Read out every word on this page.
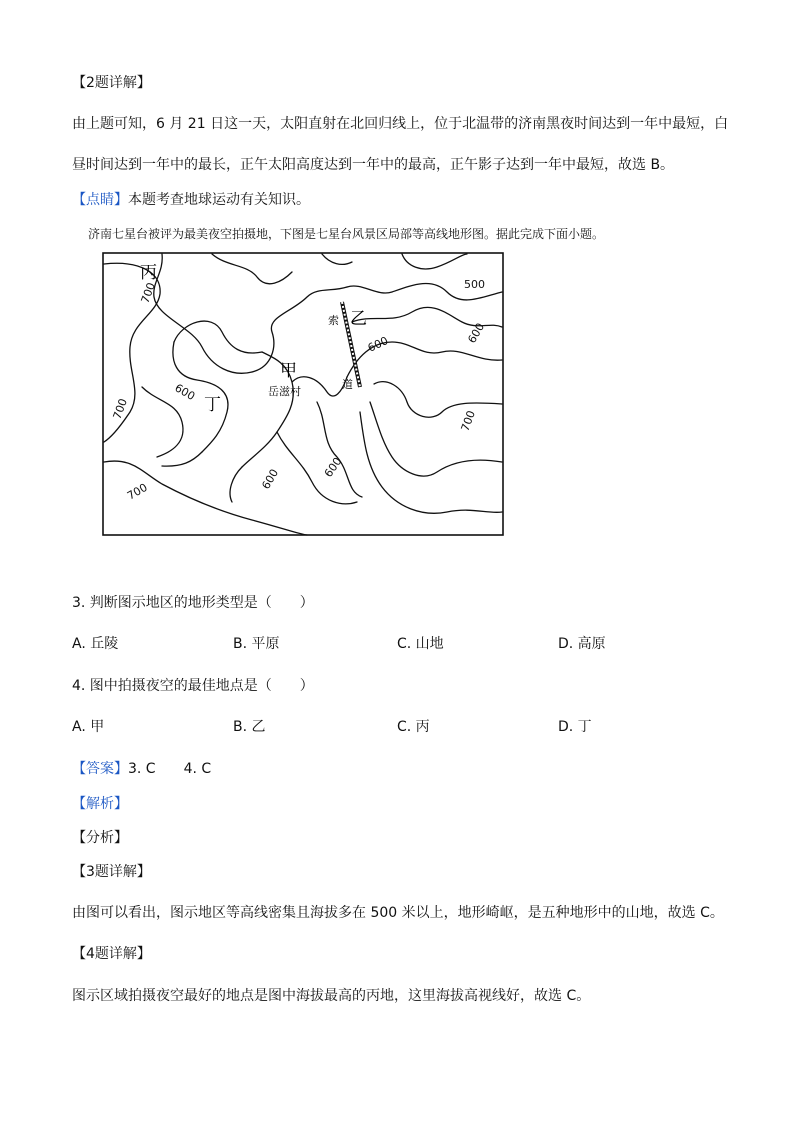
【2题详解】
由上题可知，6 月 21 日这一天，太阳直射在北回归线上，位于北温带的济南黑夜时间达到一年中最短，白
昼时间达到一年中的最长，正午太阳高度达到一年中的最高，正午影子达到一年中最短，故选 B。
【点睛】本题考查地球运动有关知识。
济南七星台被评为最美夜空拍摄地，下图是七星台风景区局部等高线地形图。据此完成下面小题。
丙
乙
甲
丁
岳滋村
索
道
700	500
600	600
600
700	700
700
600	600
3. 判断图示地区的地形类型是（　　）
A. 丘陵	B. 平原	C. 山地	D. 高原
4. 图中拍摄夜空的最佳地点是（　　）
A. 甲	B. 乙	C. 丙	D. 丁
【答案】3. C　　4. C
【解析】
【分析】
【3题详解】
由图可以看出，图示地区等高线密集且海拔多在 500 米以上，地形崎岖，是五种地形中的山地，故选 C。
【4题详解】
图示区域拍摄夜空最好的地点是图中海拔最高的丙地，这里海拔高视线好，故选 C。
